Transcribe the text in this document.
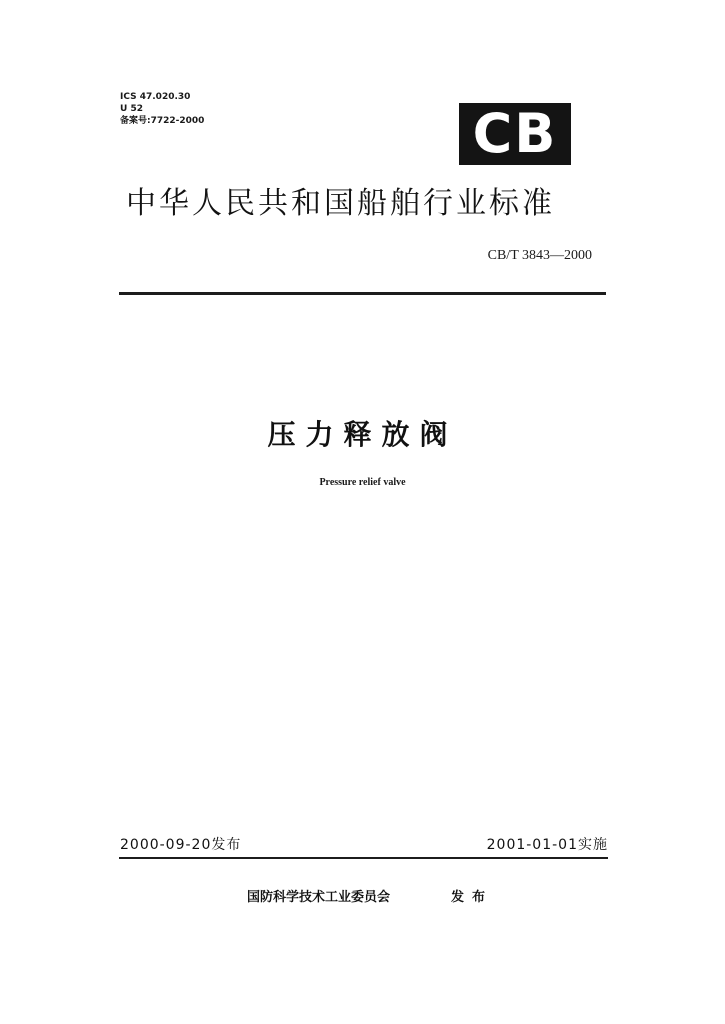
ICS 47.020.30
U 52
备案号:7722-2000	CB
中华人民共和国船舶行业标准
CB/T 3843—2000
压力释放阀
Pressure relief valve
2000-09-20发布	2001-01-01实施
国防科学技术工业委员会	发布
